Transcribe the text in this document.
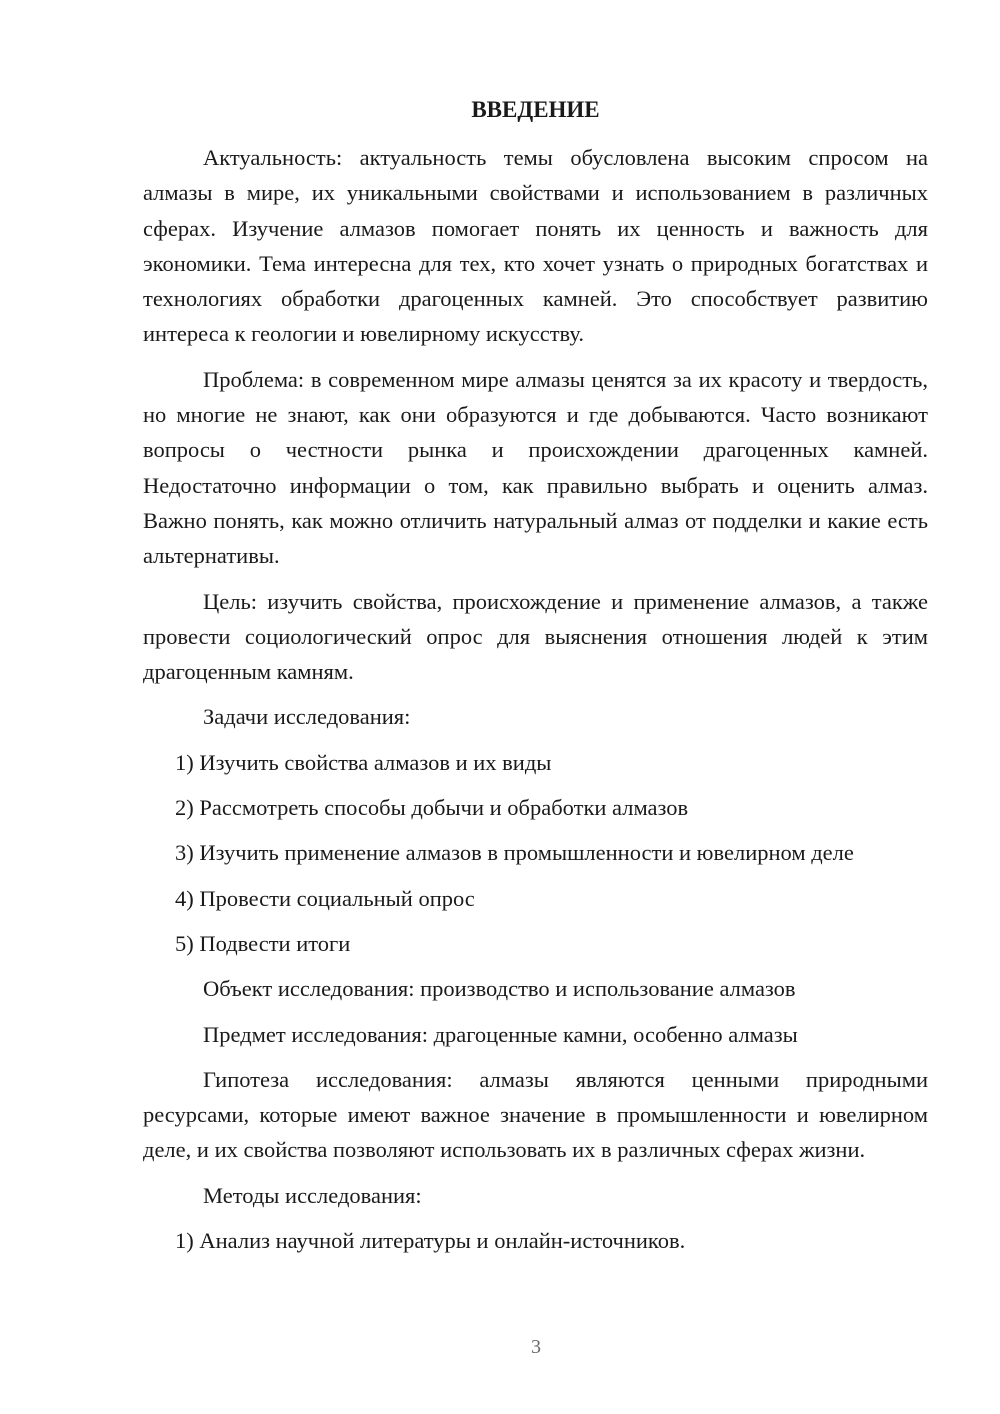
ВВЕДЕНИЕ

Актуальность: актуальность темы обусловлена высоким спросом на алмазы в мире, их уникальными свойствами и использованием в различных сферах. Изучение алмазов помогает понять их ценность и важность для экономики. Тема интересна для тех, кто хочет узнать о природных богатствах и технологиях обработки драгоценных камней. Это способствует развитию интереса к геологии и ювелирному искусству.

Проблема: в современном мире алмазы ценятся за их красоту и твердость, но многие не знают, как они образуются и где добываются. Часто возникают вопросы о честности рынка и происхождении драгоценных камней. Недостаточно информации о том, как правильно выбрать и оценить алмаз. Важно понять, как можно отличить натуральный алмаз от подделки и какие есть альтернативы.

Цель: изучить свойства, происхождение и применение алмазов, а также провести социологический опрос для выяснения отношения людей к этим драгоценным камням.

Задачи исследования:

1) Изучить свойства алмазов и их виды

2) Рассмотреть способы добычи и обработки алмазов

3) Изучить применение алмазов в промышленности и ювелирном деле

4) Провести социальный опрос

5) Подвести итоги

Объект исследования: производство и использование алмазов

Предмет исследования: драгоценные камни, особенно алмазы

Гипотеза исследования: алмазы являются ценными природными ресурсами, которые имеют важное значение в промышленности и ювелирном деле, и их свойства позволяют использовать их в различных сферах жизни.

Методы исследования:

1) Анализ научной литературы и онлайн-источников.

3
